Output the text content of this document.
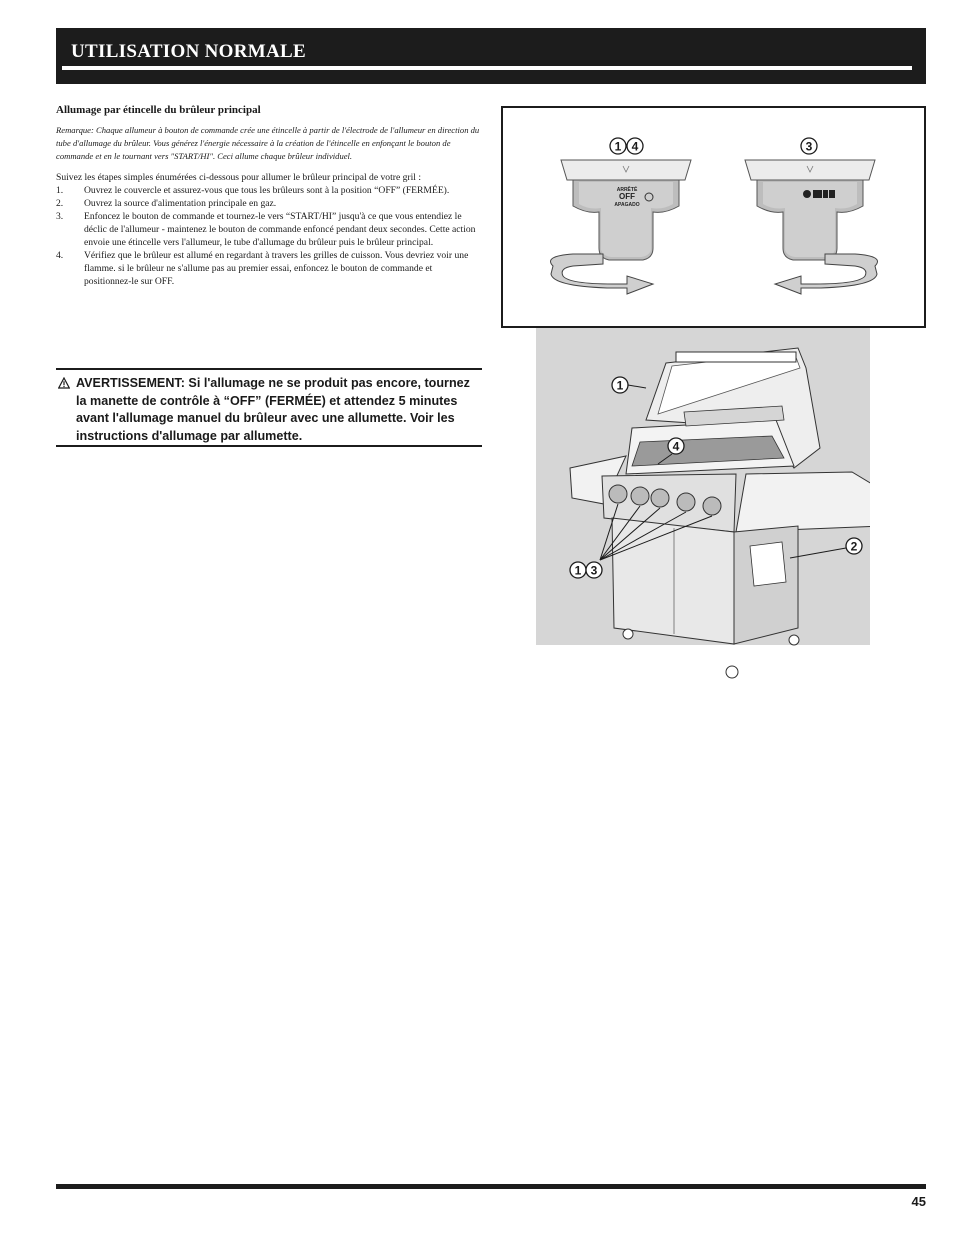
UTILISATION NORMALE
Allumage par étincelle du brûleur principal

Remarque: Chaque allumeur à bouton de commande crée une étincelle à partir de l'électrode de l'allumeur en direction du tube d'allumage du brûleur. Vous générez l'énergie nécessaire à la création de l'étincelle en enfonçant le bouton de commande et en le tournant vers "START/HI". Ceci allume chaque brûleur individuel.

Suivez les étapes simples énumérées ci-dessous pour allumer le brûleur principal de votre gril :

1. Ouvrez le couvercle et assurez-vous que tous les brûleurs sont à la position “OFF” (FERMÉE).
2. Ouvrez la source d'alimentation principale en gaz.
3. Enfoncez le bouton de commande et tournez-le vers “START/HI” jusqu'à ce que vous entendiez le déclic de l'allumeur - maintenez le bouton de commande enfoncé pendant deux secondes. Cette action envoie une étincelle vers l'allumeur, le tube d'allumage du brûleur puis le brûleur principal.
4. Vérifiez que le brûleur est allumé en regardant à travers les grilles de cuisson. Vous devriez voir une flamme. si le brûleur ne s'allume pas au premier essai, enfoncez le bouton de commande et positionnez-le sur OFF.
AVERTISSEMENT: Si l'allumage ne se produit pas encore, tournez la manette de contrôle à “OFF” (FERMÉE) et attendez 5 minutes avant l'allumage manuel du brûleur avec une allumette. Voir les instructions d'allumage par allumette.
1 4	3
ARRÊTÉ
OFF
APAGADO
1
4
1 3
2
45
